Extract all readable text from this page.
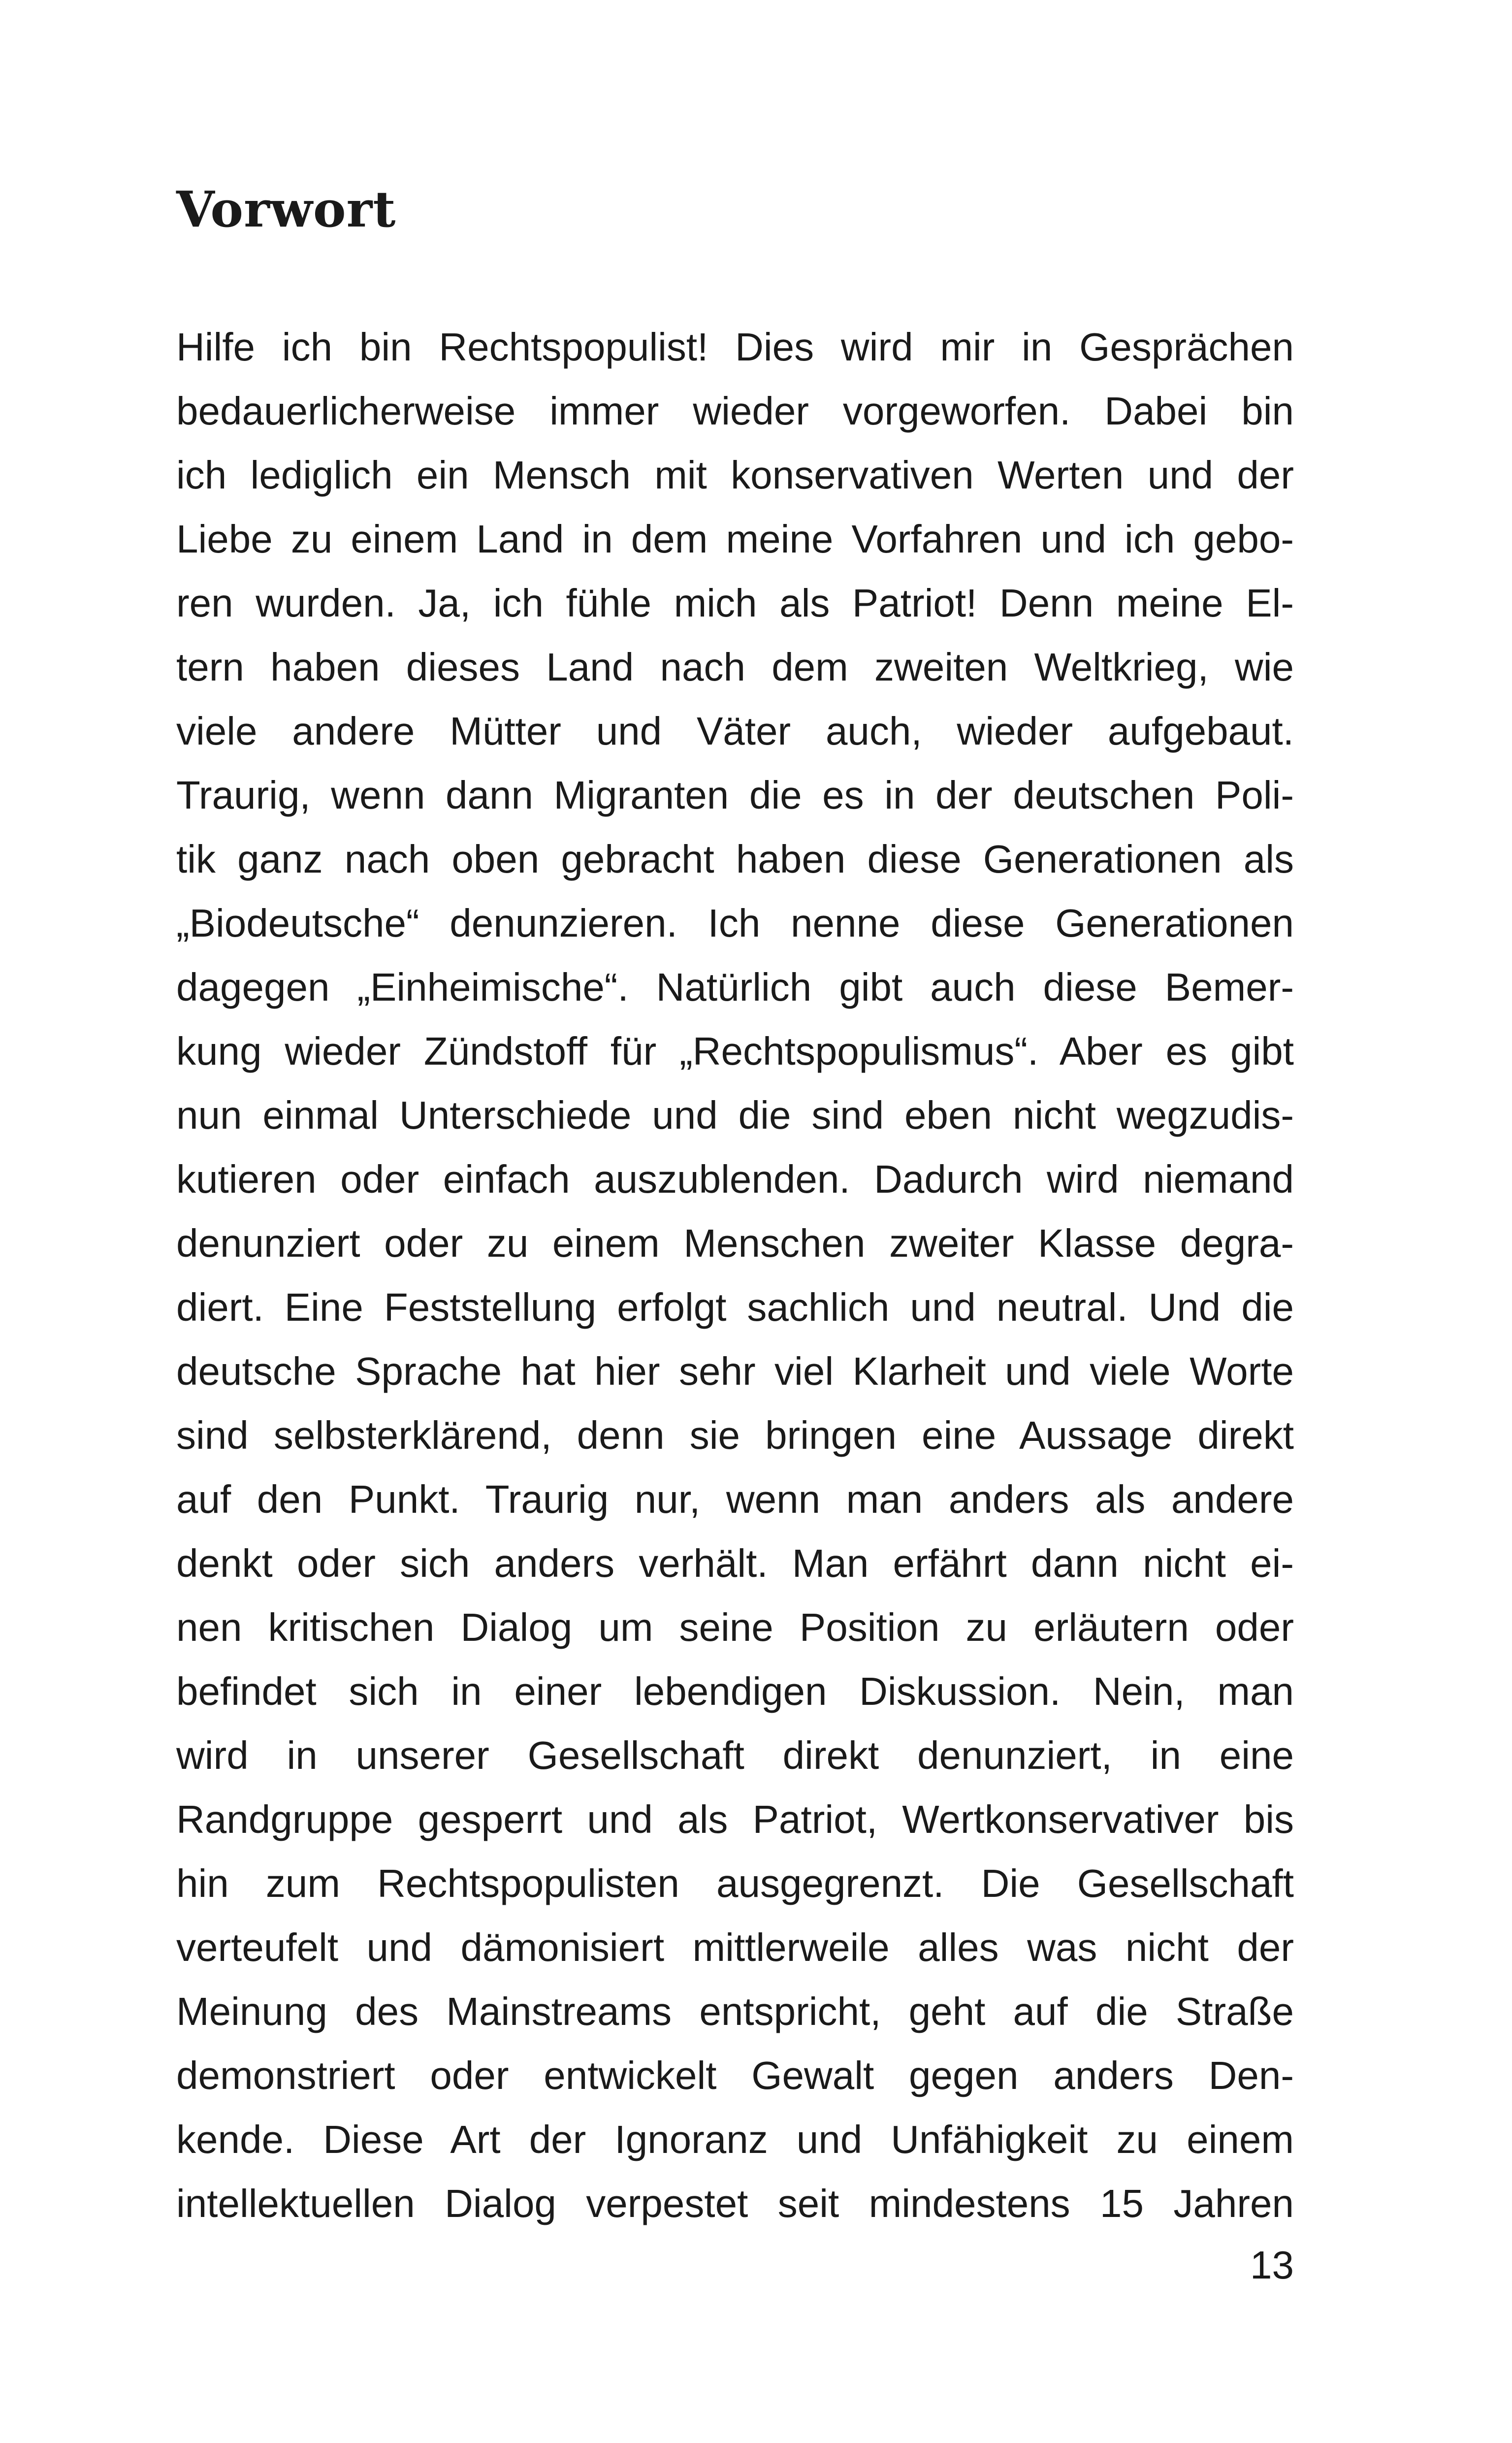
Vorwort
Hilfe ich bin Rechtspopulist! Dies wird mir in Gesprächen
bedauerlicherweise immer wieder vorgeworfen. Dabei bin
ich lediglich ein Mensch mit konservativen Werten und der
Liebe zu einem Land in dem meine Vorfahren und ich gebo-
ren wurden. Ja, ich fühle mich als Patriot! Denn meine El-
tern haben dieses Land nach dem zweiten Weltkrieg, wie
viele andere Mütter und Väter auch, wieder aufgebaut.
Traurig, wenn dann Migranten die es in der deutschen Poli-
tik ganz nach oben gebracht haben diese Generationen als
„Biodeutsche“ denunzieren. Ich nenne diese Generationen
dagegen „Einheimische“. Natürlich gibt auch diese Bemer-
kung wieder Zündstoff für „Rechtspopulismus“. Aber es gibt
nun einmal Unterschiede und die sind eben nicht wegzudis-
kutieren oder einfach auszublenden. Dadurch wird niemand
denunziert oder zu einem Menschen zweiter Klasse degra-
diert. Eine Feststellung erfolgt sachlich und neutral. Und die
deutsche Sprache hat hier sehr viel Klarheit und viele Worte
sind selbsterklärend, denn sie bringen eine Aussage direkt
auf den Punkt. Traurig nur, wenn man anders als andere
denkt oder sich anders verhält. Man erfährt dann nicht ei-
nen kritischen Dialog um seine Position zu erläutern oder
befindet sich in einer lebendigen Diskussion. Nein, man
wird in unserer Gesellschaft direkt denunziert, in eine
Randgruppe gesperrt und als Patriot, Wertkonservativer bis
hin zum Rechtspopulisten ausgegrenzt. Die Gesellschaft
verteufelt und dämonisiert mittlerweile alles was nicht der
Meinung des Mainstreams entspricht, geht auf die Straße
demonstriert oder entwickelt Gewalt gegen anders Den-
kende. Diese Art der Ignoranz und Unfähigkeit zu einem
intellektuellen Dialog verpestet seit mindestens 15 Jahren
13
